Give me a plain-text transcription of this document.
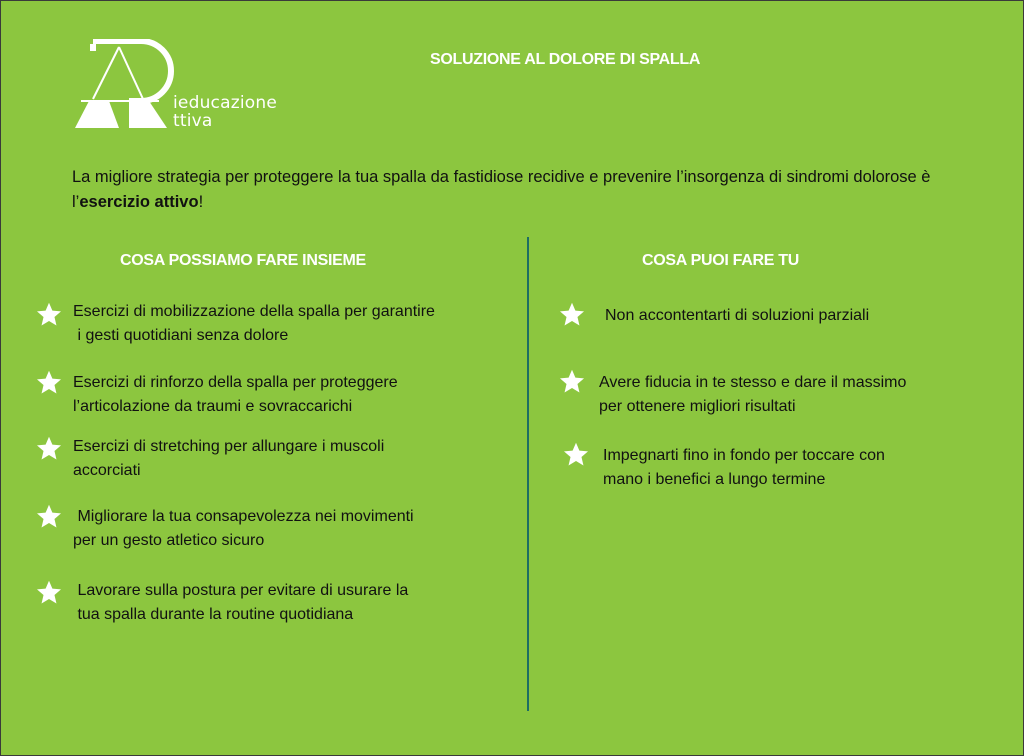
ieducazione
ttiva
SOLUZIONE AL DOLORE DI SPALLA
La migliore strategia per proteggere la tua spalla da fastidiose recidive e prevenire l’insorgenza di sindromi dolorose è l’esercizio attivo!
COSA POSSIAMO FARE INSIEME	COSA PUOI FARE TU
Esercizi di mobilizzazione della spalla per garantire
i gesti quotidiani senza dolore
Esercizi di rinforzo della spalla per proteggere
l’articolazione da traumi e sovraccarichi
Esercizi di stretching per allungare i muscoli
accorciati
Migliorare la tua consapevolezza nei movimenti
per un gesto atletico sicuro
Lavorare sulla postura per evitare di usurare la
tua spalla durante la routine quotidiana
Non accontentarti di soluzioni parziali
Avere fiducia in te stesso e dare il massimo
per ottenere migliori risultati
Impegnarti fino in fondo per toccare con
mano i benefici a lungo termine
